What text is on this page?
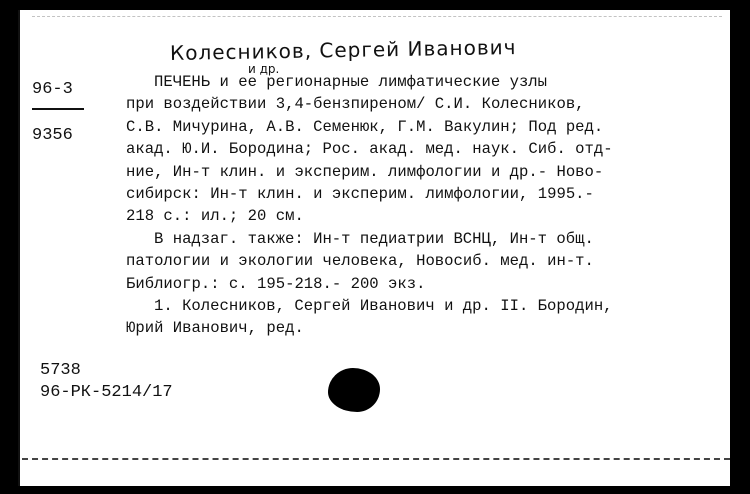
Колесников, Сергей Иванович
и др.
96-3
9356
ПЕЧЕНЬ и ее регионарные лимфатические узлы
при воздействии 3,4-бензпиреном/ С.И. Колесников,
С.В. Мичурина, А.В. Семенюк, Г.М. Вакулин; Под ред.
акад. Ю.И. Бородина; Рос. акад. мед. наук. Сиб. отд-
ние, Ин-т клин. и эксперим. лимфологии и др.- Ново-
сибирск: Ин-т клин. и эксперим. лимфологии, 1995.-
218 с.: ил.; 20 см.
В надзаг. также: Ин-т педиатрии ВСНЦ, Ин-т общ.
патологии и экологии человека, Новосиб. мед. ин-т.
Библиогр.: с. 195-218.- 200 экз.
1. Колесников, Сергей Иванович и др. II. Бородин,
Юрий Иванович, ред.
5738
96-РК-5214/17
